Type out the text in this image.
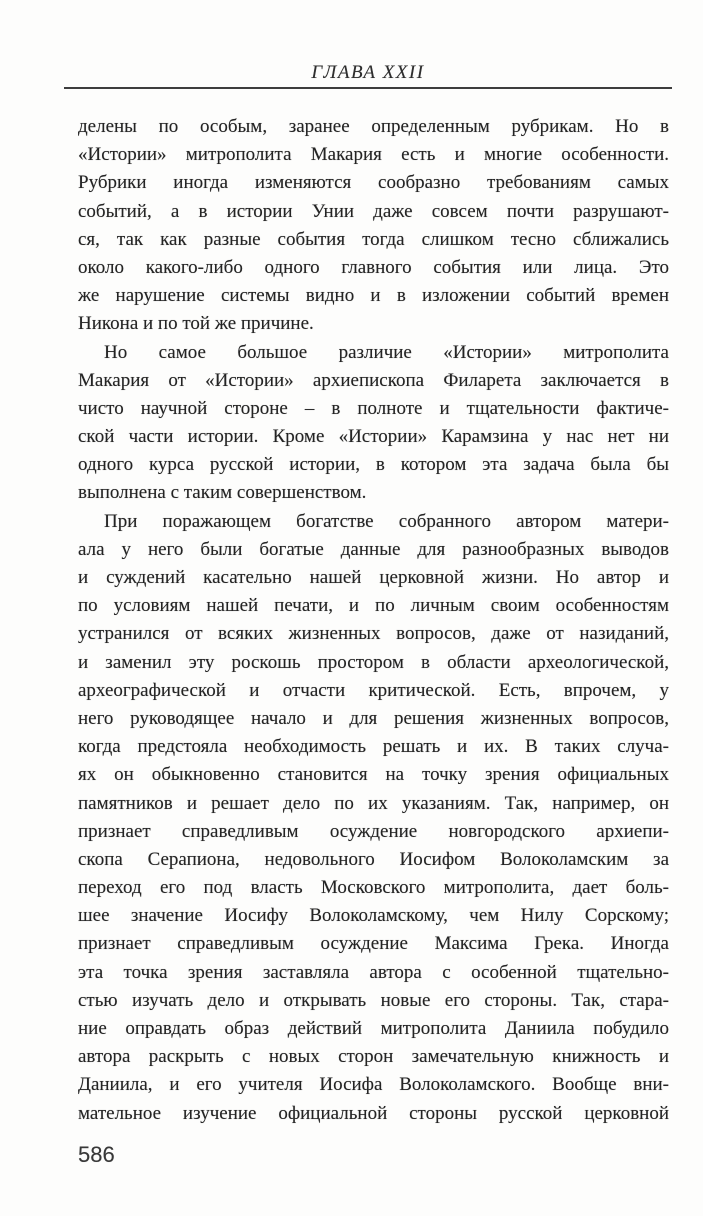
ГЛАВА XXII
делены по особым, заранее определенным рубрикам. Но в
«Истории» митрополита Макария есть и многие особенности.
Рубрики иногда изменяются сообразно требованиям самых
событий, а в истории Унии даже совсем почти разрушают-
ся, так как разные события тогда слишком тесно сближались
около какого-либо одного главного события или лица. Это
же нарушение системы видно и в изложении событий времен
Никона и по той же причине.
Но самое большое различие «Истории» митрополита
Макария от «Истории» архиепископа Филарета заключается в
чисто научной стороне – в полноте и тщательности фактиче-
ской части истории. Кроме «Истории» Карамзина у нас нет ни
одного курса русской истории, в котором эта задача была бы
выполнена с таким совершенством.
При поражающем богатстве собранного автором матери-
ала у него были богатые данные для разнообразных выводов
и суждений касательно нашей церковной жизни. Но автор и
по условиям нашей печати, и по личным своим особенностям
устранился от всяких жизненных вопросов, даже от назиданий,
и заменил эту роскошь простором в области археологической,
археографической и отчасти критической. Есть, впрочем, у
него руководящее начало и для решения жизненных вопросов,
когда предстояла необходимость решать и их. В таких случа-
ях он обыкновенно становится на точку зрения официальных
памятников и решает дело по их указаниям. Так, например, он
признает справедливым осуждение новгородского архиепи-
скопа Серапиона, недовольного Иосифом Волоколамским за
переход его под власть Московского митрополита, дает боль-
шее значение Иосифу Волоколамскому, чем Нилу Сорскому;
признает справедливым осуждение Максима Грека. Иногда
эта точка зрения заставляла автора с особенной тщательно-
стью изучать дело и открывать новые его стороны. Так, стара-
ние оправдать образ действий митрополита Даниила побудило
автора раскрыть с новых сторон замечательную книжность и
Даниила, и его учителя Иосифа Волоколамского. Вообще вни-
мательное изучение официальной стороны русской церковной
586
